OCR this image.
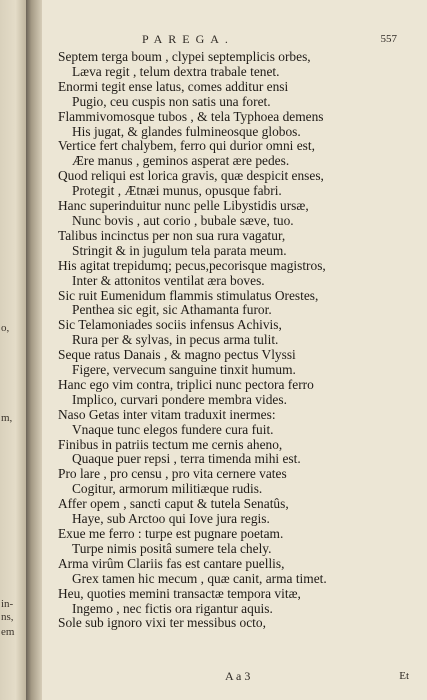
o,
m,
in-
ns,
em
PAREGA.	557
Septem terga boum , clypei septemplicis orbes,
Læva regit , telum dextra trabale tenet.
Enormi tegit ense latus, comes additur ensi
Pugio, ceu cuspis non satis una foret.
Flammivomosque tubos , & tela Typhoea demens
His jugat, & glandes fulmineosque globos.
Vertice fert chalybem, ferro qui durior omni est,
Ære manus , geminos asperat ære pedes.
Quod reliqui est lorica gravis, quæ despicit enses,
Protegit , Ætnæi munus, opusque fabri.
Hanc superinduitur nunc pelle Libystidis ursæ,
Nunc bovis , aut corio , bubale sæve, tuo.
Talibus incinctus per non sua rura vagatur,
Stringit & in jugulum tela parata meum.
His agitat trepidumq; pecus,pecorisque magistros,
Inter & attonitos ventilat æra boves.
Sic ruit Eumenidum flammis stimulatus Orestes,
Penthea sic egit, sic Athamanta furor.
Sic Telamoniades sociis infensus Achivis,
Rura per & sylvas, in pecus arma tulit.
Seque ratus Danais , & magno pectus Vlyssi
Figere, vervecum sanguine tinxit humum.
Hanc ego vim contra, triplici nunc pectora ferro
Implico, curvari pondere membra vides.
Naso Getas inter vitam traduxit inermes:
Vnaque tunc elegos fundere cura fuit.
Finibus in patriis tectum me cernis aheno,
Quaque puer repsi , terra timenda mihi est.
Pro lare , pro censu , pro vita cernere vates
Cogitur, armorum militiæque rudis.
Affer opem , sancti caput & tutela Senatûs,
Haye, sub Arctoo qui Iove jura regis.
Exue me ferro : turpe est pugnare poetam.
Turpe nimis positâ sumere tela chely.
Arma virûm Clariis fas est cantare puellis,
Grex tamen hic mecum , quæ canit, arma timet.
Heu, quoties memini transactæ tempora vitæ,
Ingemo , nec fictis ora rigantur aquis.
Sole sub ignoro vixi ter messibus octo,
A a 3	Et
